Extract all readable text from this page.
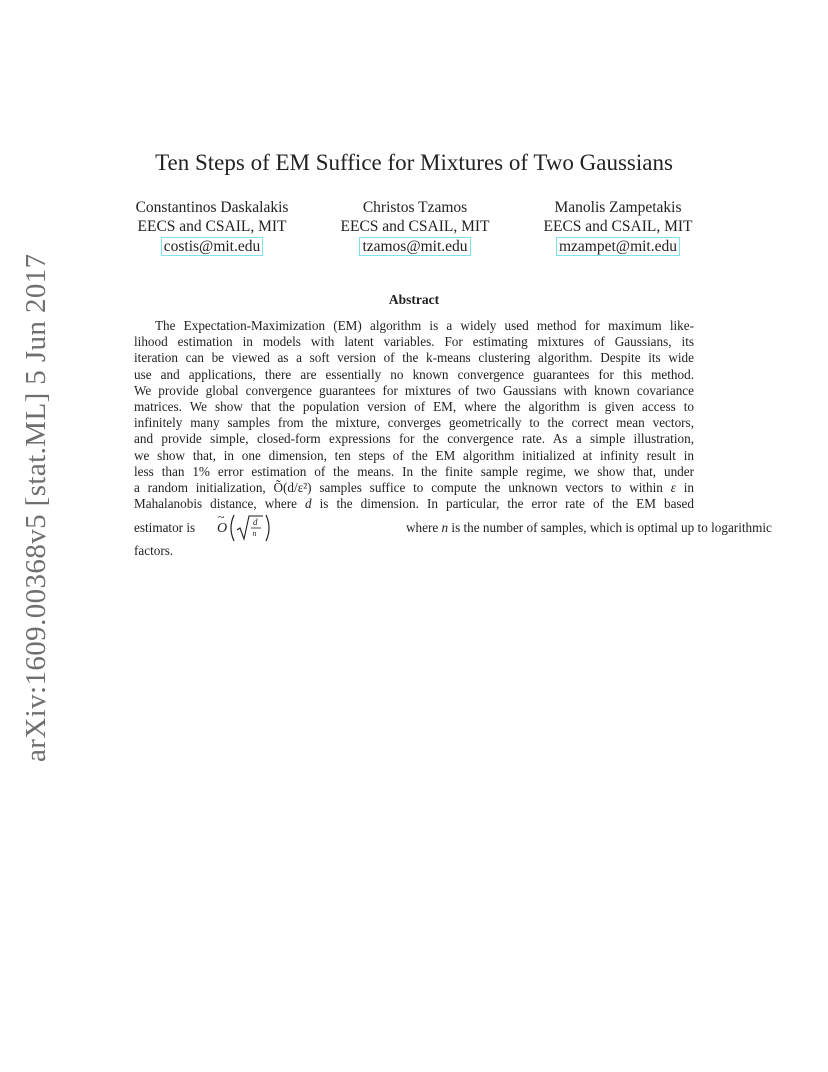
arXiv:1609.00368v5 [stat.ML] 5 Jun 2017
Ten Steps of EM Suffice for Mixtures of Two Gaussians
Constantinos Daskalakis
EECS and CSAIL, MIT
costis@mit.edu
Christos Tzamos
EECS and CSAIL, MIT
tzamos@mit.edu
Manolis Zampetakis
EECS and CSAIL, MIT
mzampet@mit.edu
Abstract
The Expectation-Maximization (EM) algorithm is a widely used method for maximum like-
lihood estimation in models with latent variables. For estimating mixtures of Gaussians, its
iteration can be viewed as a soft version of the k-means clustering algorithm. Despite its wide
use and applications, there are essentially no known convergence guarantees for this method.
We provide global convergence guarantees for mixtures of two Gaussians with known covariance
matrices. We show that the population version of EM, where the algorithm is given access to
infinitely many samples from the mixture, converges geometrically to the correct mean vectors,
and provide simple, closed-form expressions for the convergence rate. As a simple illustration,
we show that, in one dimension, ten steps of the EM algorithm initialized at infinity result in
less than 1% error estimation of the means. In the finite sample regime, we show that, under
a random initialization, Õ(d/ε²) samples suffice to compute the unknown vectors to within ε in
Mahalanobis distance, where d is the dimension. In particular, the error rate of the EM based
estimator is O
~	d
n	where n is the number of samples, which is optimal up to logarithmic
factors.
